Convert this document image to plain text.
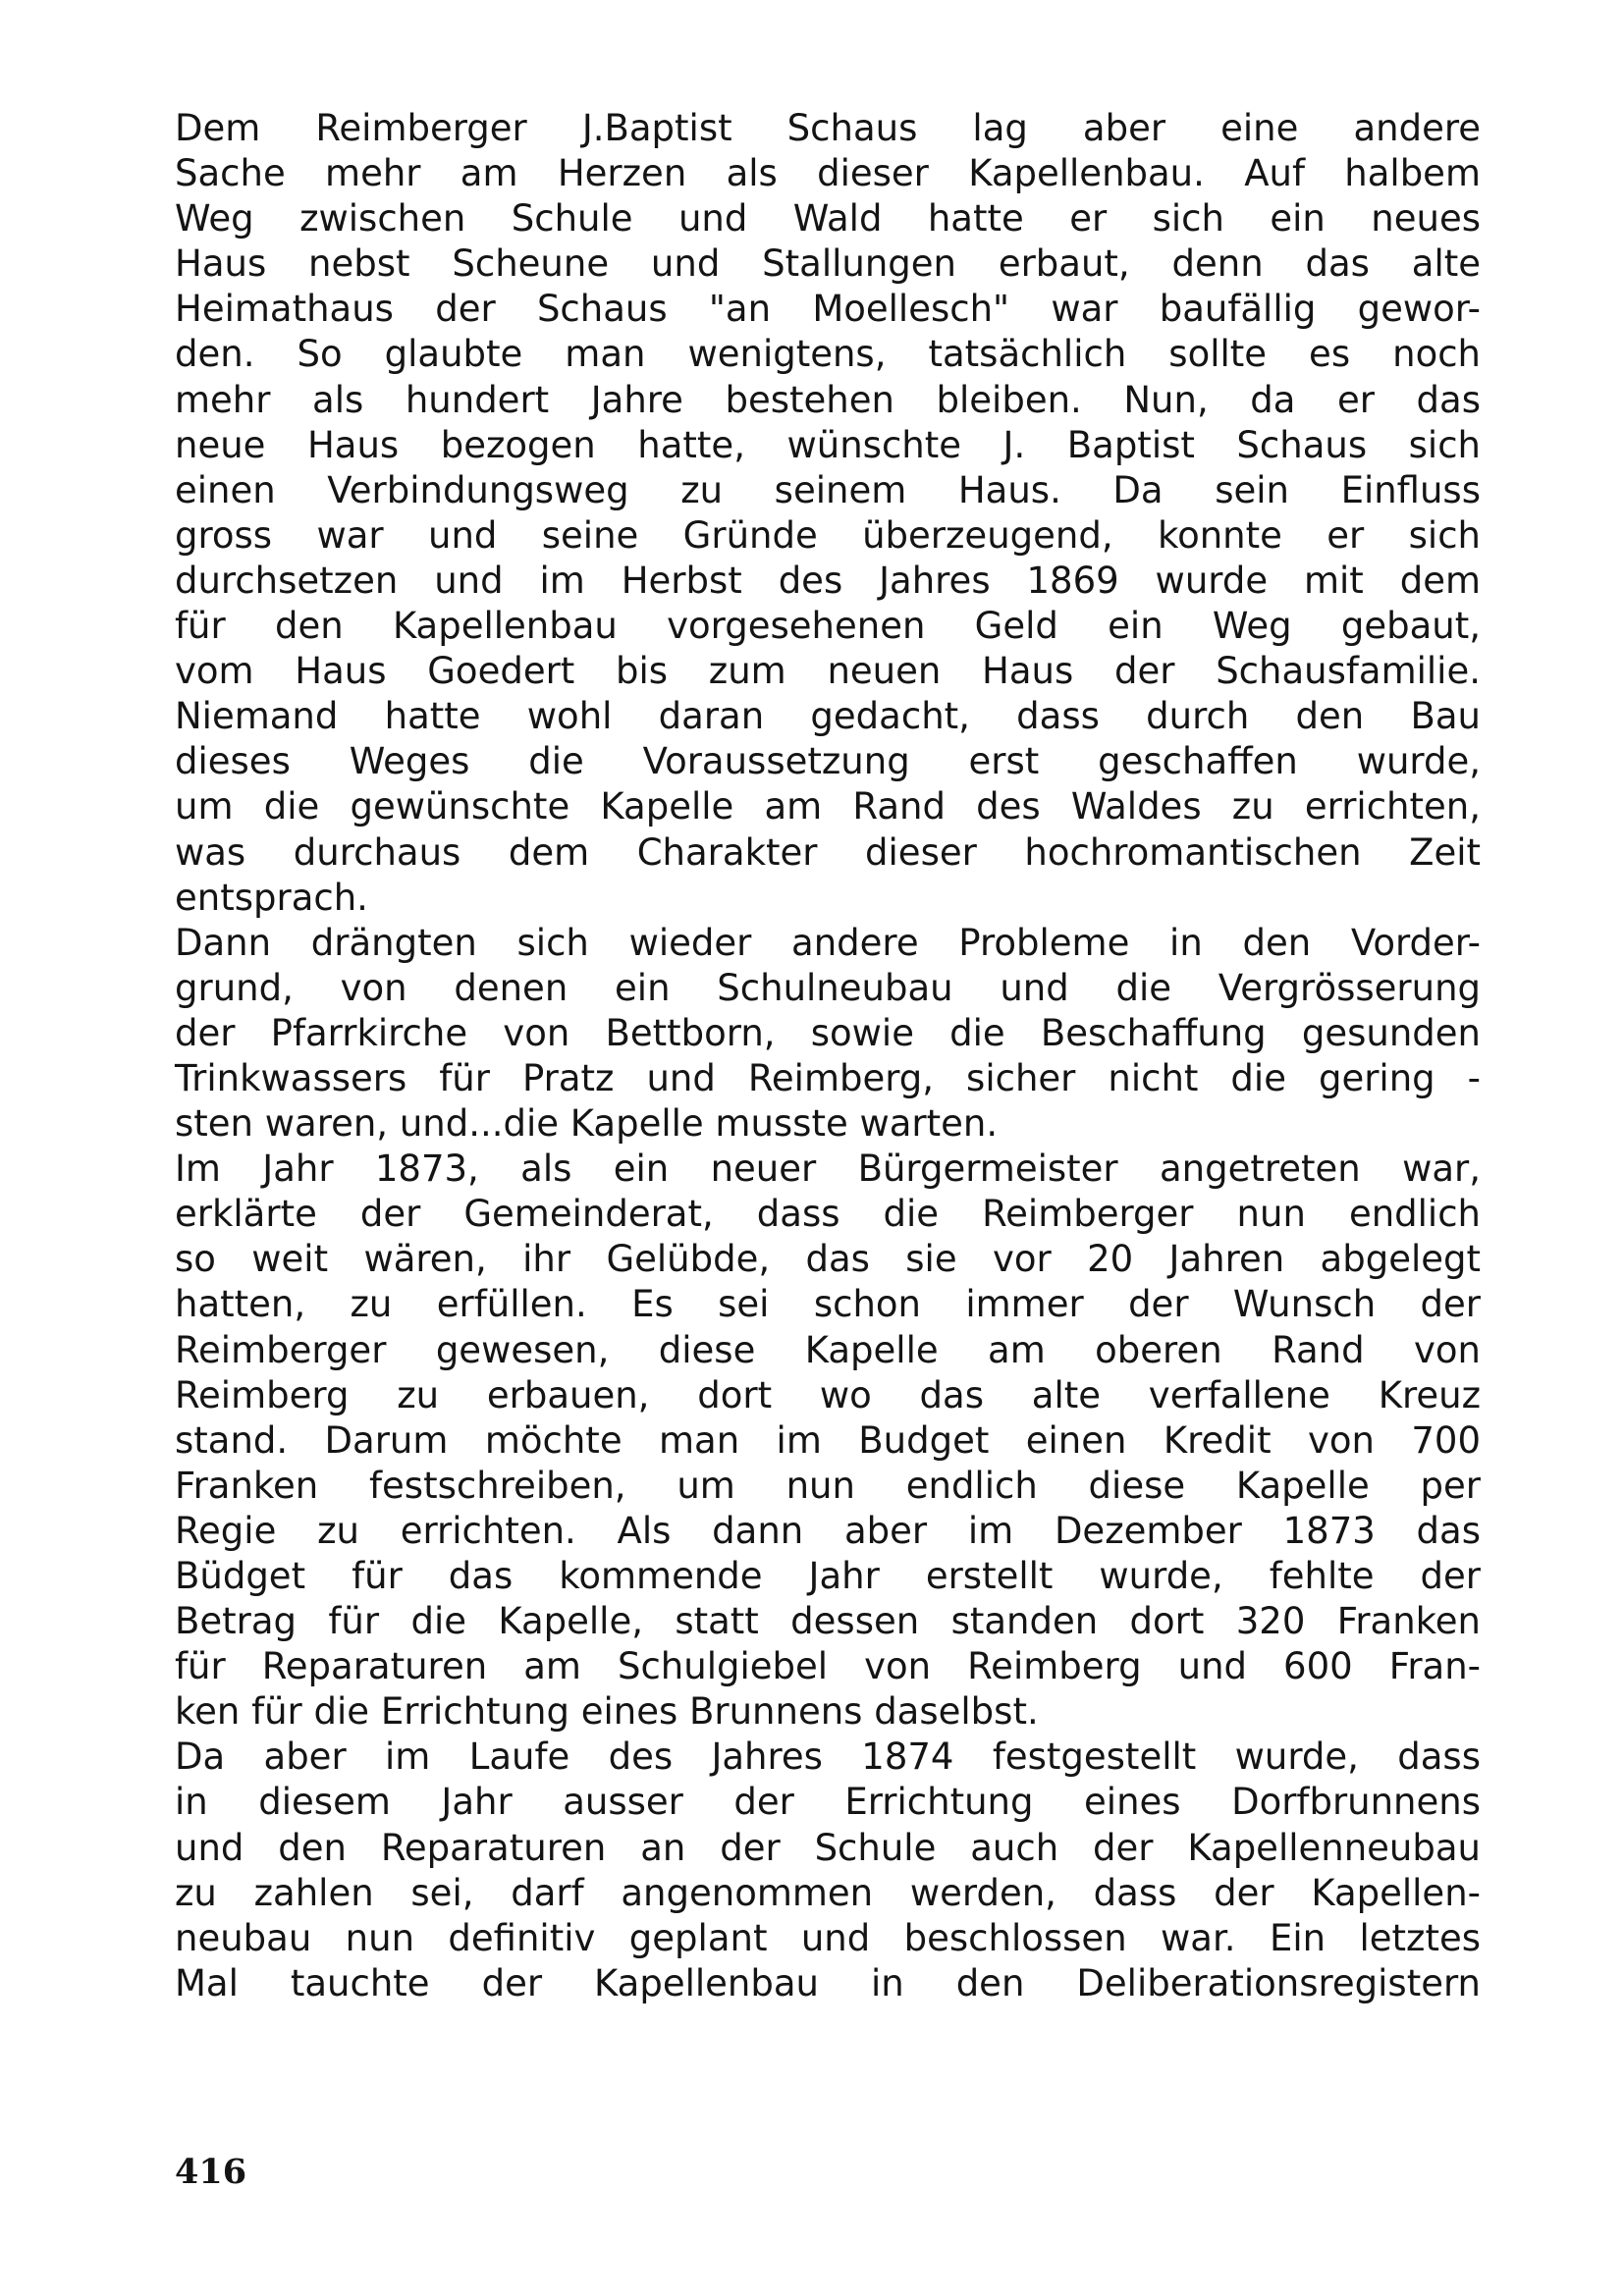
Dem Reimberger J.Baptist Schaus lag aber eine andere
Sache mehr am Herzen als dieser Kapellenbau. Auf halbem
Weg zwischen Schule und Wald hatte er sich ein neues
Haus nebst Scheune und Stallungen erbaut, denn das alte
Heimathaus der Schaus "an Moellesch" war baufällig gewor-
den. So glaubte man wenigtens, tatsächlich sollte es noch
mehr als hundert Jahre bestehen bleiben. Nun, da er das
neue Haus bezogen hatte, wünschte J. Baptist Schaus sich
einen Verbindungsweg zu seinem Haus. Da sein Einfluss
gross war und seine Gründe überzeugend, konnte er sich
durchsetzen und im Herbst des Jahres 1869 wurde mit dem
für den Kapellenbau vorgesehenen Geld ein Weg gebaut,
vom Haus Goedert bis zum neuen Haus der Schausfamilie.
Niemand hatte wohl daran gedacht, dass durch den Bau
dieses Weges die Voraussetzung erst geschaffen wurde,
um die gewünschte Kapelle am Rand des Waldes zu errichten,
was durchaus dem Charakter dieser hochromantischen Zeit
entsprach.
Dann drängten sich wieder andere Probleme in den Vorder-
grund, von denen ein Schulneubau und die Vergrösserung
der Pfarrkirche von Bettborn, sowie die Beschaffung gesunden
Trinkwassers für Pratz und Reimberg, sicher nicht die gering -
sten waren, und...die Kapelle musste warten.
Im Jahr 1873, als ein neuer Bürgermeister angetreten war,
erklärte der Gemeinderat, dass die Reimberger nun endlich
so weit wären, ihr Gelübde, das sie vor 20 Jahren abgelegt
hatten, zu erfüllen. Es sei schon immer der Wunsch der
Reimberger gewesen, diese Kapelle am oberen Rand von
Reimberg zu erbauen, dort wo das alte verfallene Kreuz
stand. Darum möchte man im Budget einen Kredit von 700
Franken festschreiben, um nun endlich diese Kapelle per
Regie zu errichten. Als dann aber im Dezember 1873 das
Büdget für das kommende Jahr erstellt wurde, fehlte der
Betrag für die Kapelle, statt dessen standen dort 320 Franken
für Reparaturen am Schulgiebel von Reimberg und 600 Fran-
ken für die Errichtung eines Brunnens daselbst.
Da aber im Laufe des Jahres 1874 festgestellt wurde, dass
in diesem Jahr ausser der Errichtung eines Dorfbrunnens
und den Reparaturen an der Schule auch der Kapellenneubau
zu zahlen sei, darf angenommen werden, dass der Kapellen-
neubau nun definitiv geplant und beschlossen war. Ein letztes
Mal tauchte der Kapellenbau in den Deliberationsregistern
416
